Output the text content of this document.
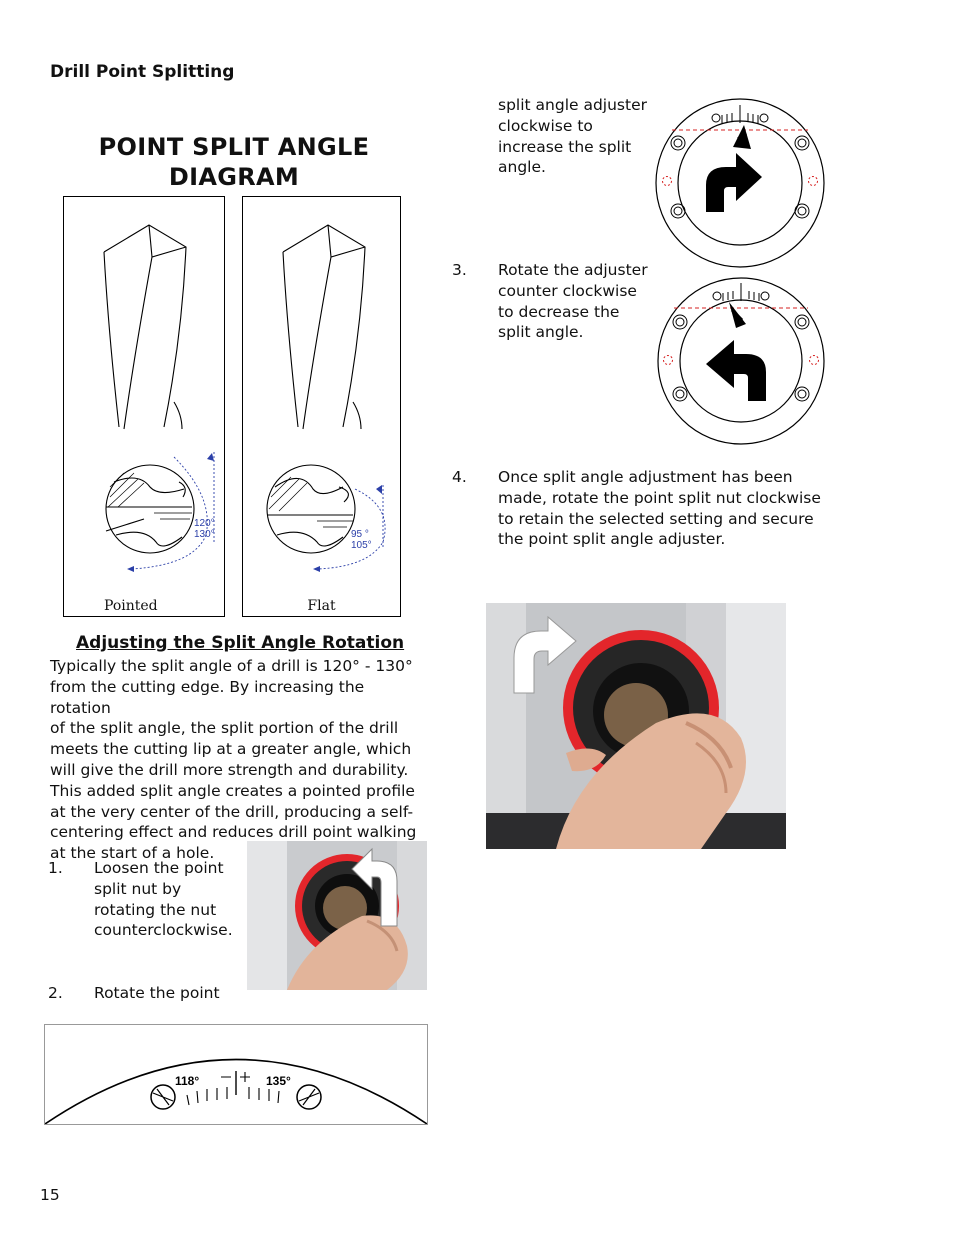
Drill Point Splitting
POINT SPLIT ANGLE
DIAGRAM
120°
130°
Pointed
95 °
105°
Flat
Adjusting the Split Angle Rotation
Typically the split angle of a drill is 120° - 130°
from the cutting edge. By increasing the rotation
of the split angle, the split portion of the drill
meets the cutting lip at a greater angle, which
will give the drill more strength and durability.
This added split angle creates a pointed profile
at the very center of the drill, producing a self-
centering effect and reduces drill point walking
at the start of a hole.
1. Loosen the point
split nut by
rotating the nut
counterclockwise.
2. Rotate the point
118°	135°
split angle adjuster
clockwise to
increase the split
angle.
3. Rotate the adjuster
counter clockwise
to decrease the
split angle.
4. Once split angle adjustment has been
made, rotate the point split nut clockwise
to retain the selected setting and secure
the point split angle adjuster.
15
